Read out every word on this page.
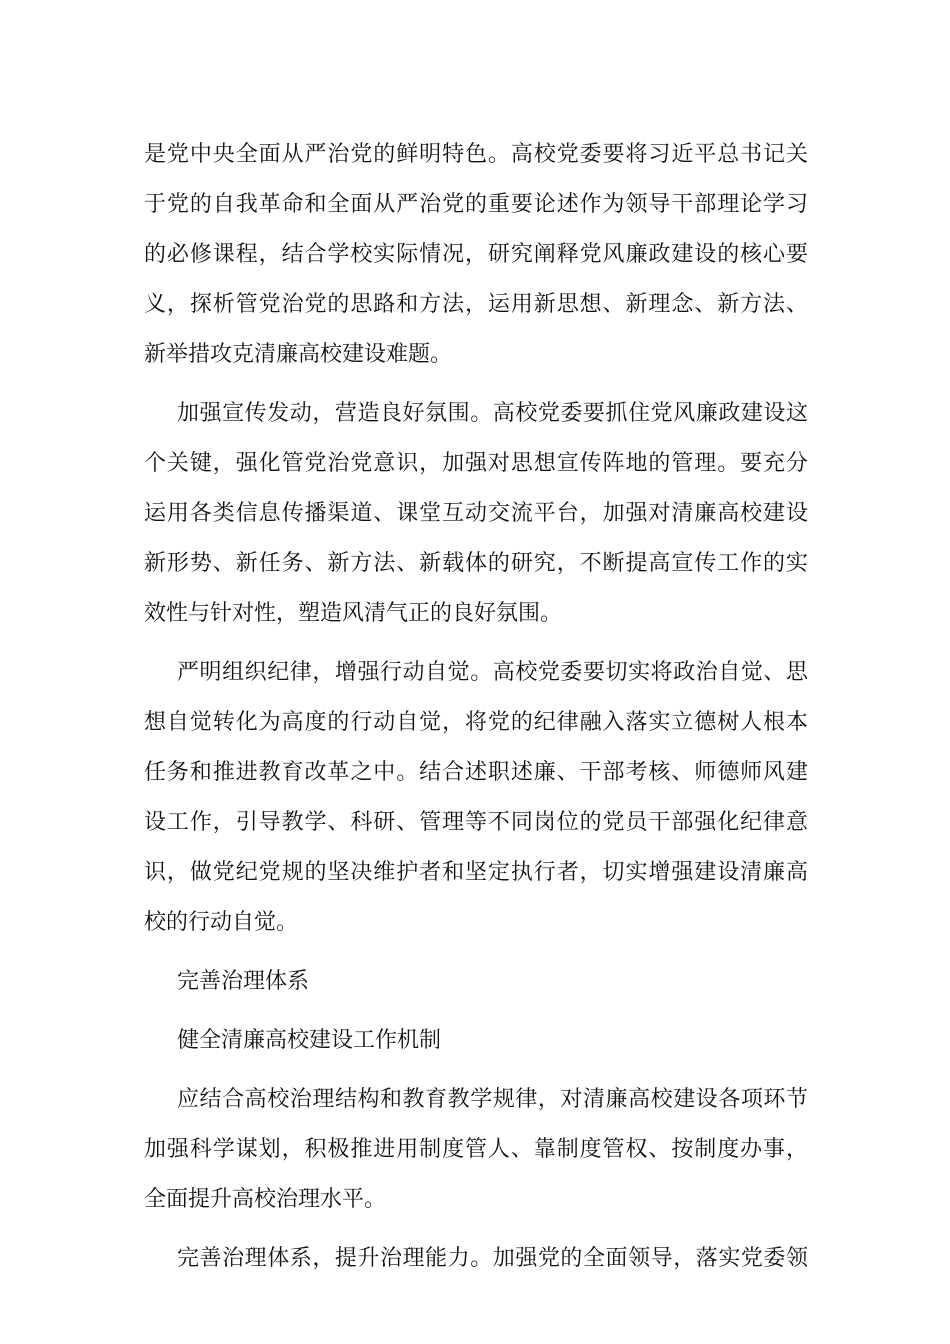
是党中央全面从严治党的鲜明特色。高校党委要将习近平总书记关
于党的自我革命和全面从严治党的重要论述作为领导干部理论学习
的必修课程，结合学校实际情况，研究阐释党风廉政建设的核心要
义，探析管党治党的思路和方法，运用新思想、新理念、新方法、
新举措攻克清廉高校建设难题。
加强宣传发动，营造良好氛围。高校党委要抓住党风廉政建设这
个关键，强化管党治党意识，加强对思想宣传阵地的管理。要充分
运用各类信息传播渠道、课堂互动交流平台，加强对清廉高校建设
新形势、新任务、新方法、新载体的研究，不断提高宣传工作的实
效性与针对性，塑造风清气正的良好氛围。
严明组织纪律，增强行动自觉。高校党委要切实将政治自觉、思
想自觉转化为高度的行动自觉，将党的纪律融入落实立德树人根本
任务和推进教育改革之中。结合述职述廉、干部考核、师德师风建
设工作，引导教学、科研、管理等不同岗位的党员干部强化纪律意
识，做党纪党规的坚决维护者和坚定执行者，切实增强建设清廉高
校的行动自觉。
完善治理体系
健全清廉高校建设工作机制
应结合高校治理结构和教育教学规律，对清廉高校建设各项环节
加强科学谋划，积极推进用制度管人、靠制度管权、按制度办事，
全面提升高校治理水平。
完善治理体系，提升治理能力。加强党的全面领导，落实党委领
